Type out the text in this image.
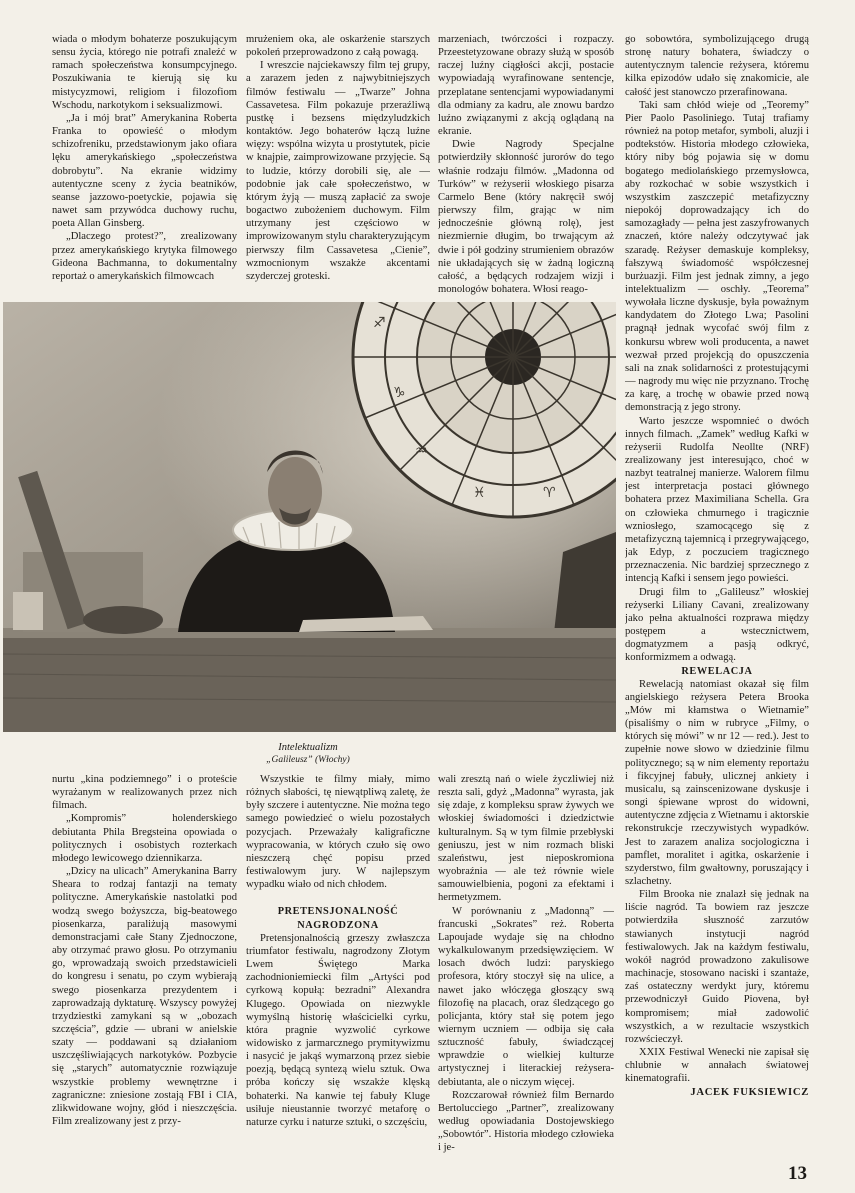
wiada o młodym bohaterze poszukującym sensu życia, którego nie potrafi znaleźć w ramach społeczeństwa konsumpcyjnego. Poszukiwania te kierują się ku mistycyzmowi, religiom i filozofiom Wschodu, narkotykom i seksualizmowi.

„Ja i mój brat” Amerykanina Roberta Franka to opowieść o młodym schizofreniku, przedstawionym jako ofiara lęku amerykańskiego „społeczeństwa dobrobytu”. Na ekranie widzimy autentyczne sceny z życia beatników, seanse jazzowo-poetyckie, pojawia się nawet sam przywódca duchowy ruchu, poeta Allan Ginsberg.

„Dlaczego protest?”, zrealizowany przez amerykańskiego krytyka filmowego Gideona Bachmanna, to dokumentalny reportaż o amerykańskich filmowcach

mrużeniem oka, ale oskarżenie starszych pokoleń przeprowadzono z całą powagą.

I wreszcie najciekawszy film tej grupy, a zarazem jeden z najwybitniejszych filmów festiwalu — „Twarze” Johna Cassavetesa. Film pokazuje przeraźliwą pustkę i bezsens międzyludzkich kontaktów. Jego bohaterów łączą luźne więzy: wspólna wizyta u prostytutek, picie w knajpie, zaimprowizowane przyjęcie. Są to ludzie, którzy dorobili się, ale — podobnie jak całe społeczeństwo, w którym żyją — muszą zapłacić za swoje bogactwo zubożeniem duchowym. Film utrzymany jest częściowo w improwizowanym stylu charakteryzującym pierwszy film Cassavetesa „Cienie”, wzmocnionym wszakże akcentami szyderczej groteski.

marzeniach, twórczości i rozpaczy. Przeestetyzowane obrazy służą w sposób raczej luźny ciągłości akcji, postacie wypowiadają wyrafinowane sentencje, przeplatane sentencjami wypowiadanymi dla odmiany za kadru, ale znowu bardzo luźno związanymi z akcją oglądaną na ekranie.

Dwie Nagrody Specjalne potwierdziły skłonność jurorów do tego właśnie rodzaju filmów. „Madonna od Turków” w reżyserii włoskiego pisarza Carmelo Bene (który nakręcił swój pierwszy film, grając w nim jednocześnie główną rolę), jest niezmiernie długim, bo trwającym aż dwie i pół godziny strumieniem obrazów nie układających się w żadną logiczną całość, a będących rodzajem wizji i monologów bohatera. Włosi reago-

go sobowtóra, symbolizującego drugą stronę natury bohatera, świadczy o autentycznym talencie reżysera, któremu kilka epizodów udało się znakomicie, ale całość jest stanowczo przerafinowana.

Taki sam chłód wieje od „Teoremy” Pier Paolo Pasoliniego. Tutaj trafiamy również na potop metafor, symboli, aluzji i podtekstów. Historia młodego człowieka, który niby bóg pojawia się w domu bogatego mediolańskiego przemysłowca, aby rozkochać w sobie wszystkich i wszystkim zaszczepić metafizyczny niepokój doprowadzający ich do samozagłady — pełna jest zaszyfrowanych znaczeń, które należy odczytywać jak szaradę. Reżyser demaskuje kompleksy, fałszywą świadomość współczesnej burżuazji. Film jest jednak zimny, a jego intelektualizm — oschły. „Teorema” wywołała liczne dyskusje, była poważnym kandydatem do Złotego Lwa; Pasolini pragnął jednak wycofać swój film z konkursu wbrew woli producenta, a nawet wezwał przed projekcją do opuszczenia sali na znak solidarności z protestującymi — nagrody mu więc nie przyznano. Trochę za karę, a trochę w obawie przed nową demonstracją z jego strony.

Warto jeszcze wspomnieć o dwóch innych filmach. „Zamek” według Kafki w reżyserii Rudolfa Neollte (NRF) zrealizowany jest interesująco, choć w nazbyt teatralnej manierze. Walorem filmu jest interpretacja postaci głównego bohatera przez Maximiliana Schella. Gra on człowieka chmurnego i tragicznie wzniosłego, szamocącego się z metafizyczną tajemnicą i przegrywającego, jak Edyp, z poczuciem tragicznego przeznaczenia. Nic bardziej sprzecznego z intencją Kafki i sensem jego powieści.

Drugi film to „Galileusz” włoskiej reżyserki Liliany Cavani, zrealizowany jako pełna aktualności rozprawa między postępem a wstecznictwem, dogmatyzmem a pasją odkryć, konformizmem a odwagą.

REWELACJA

Rewelacją natomiast okazał się film angielskiego reżysera Petera Brooka „Mów mi kłamstwa o Wietnamie” (pisaliśmy o nim w rubryce „Filmy, o których się mówi” w nr 12 — red.). Jest to zupełnie nowe słowo w dziedzinie filmu politycznego; są w nim elementy reportażu i fikcyjnej fabuły, ulicznej ankiety i musicalu, są zainscenizowane dyskusje i songi śpiewane wprost do widowni, autentyczne zdjęcia z Wietnamu i aktorskie rekonstrukcje rzeczywistych wypadków. Jest to zarazem analiza socjologiczna i pamflet, moralitet i agitka, oskarżenie i szyderstwo, film gwałtowny, poruszający i szlachetny.

Film Brooka nie znalazł się jednak na liście nagród. Ta bowiem raz jeszcze potwierdziła słuszność zarzutów stawianych instytucji nagród festiwalowych. Jak na każdym festiwalu, wokół nagród prowadzono zakulisowe machinacje, stosowano naciski i szantaże, zaś ostateczny werdykt jury, któremu przewodniczył Guido Piovena, był kompromisem; miał zadowolić wszystkich, a w rezultacie wszystkich rozwścieczył.

XXIX Festiwal Wenecki nie zapisał się chlubnie w annałach światowej kinematografii.

JACEK FUKSIEWICZ

♑
♒
♓	♈
♐
Intelektualizm
„Galileusz” (Włochy)

nurtu „kina podziemnego” i o proteście wyrażanym w realizowanych przez nich filmach.

„Kompromis” holenderskiego debiutanta Phila Bregsteina opowiada o politycznych i osobistych rozterkach młodego lewicowego dziennikarza.

„Dzicy na ulicach” Amerykanina Barry Sheara to rodzaj fantazji na tematy polityczne. Amerykańskie nastolatki pod wodzą swego bożyszcza, big-beatowego piosenkarza, paraliżują masowymi demonstracjami całe Stany Zjednoczone, aby otrzymać prawo głosu. Po otrzymaniu go, wprowadzają swoich przedstawicieli do kongresu i senatu, po czym wybierają swego piosenkarza prezydentem i zaprowadzają dyktaturę. Wszyscy powyżej trzydziestki zamykani są w „obozach szczęścia”, gdzie — ubrani w anielskie szaty — poddawani są działaniom uszczęśliwiających narkotyków. Pozbycie się „starych” automatycznie rozwiązuje wszystkie problemy wewnętrzne i zagraniczne: zniesione zostają FBI i CIA, zlikwidowane wojny, głód i nieszczęścia. Film zrealizowany jest z przy-

Wszystkie te filmy miały, mimo różnych słabości, tę niewątpliwą zaletę, że były szczere i autentyczne. Nie można tego samego powiedzieć o wielu pozostałych pozycjach. Przeważały kaligraficzne wypracowania, w których czuło się owo nieszczerą chęć popisu przed festiwalowym jury. W najlepszym wypadku wiało od nich chłodem.

PRETENSJONALNOŚĆ NAGRODZONA

Pretensjonalnością grzeszy zwłaszcza triumfator festiwalu, nagrodzony Złotym Lwem Świętego Marka zachodnioniemiecki film „Artyści pod cyrkową kopułą: bezradni” Alexandra Klugego. Opowiada on niezwykle wymyślną historię właścicielki cyrku, która pragnie wyzwolić cyrkowe widowisko z jarmarcznego prymitywizmu i nasycić je jakąś wymarzoną przez siebie poezją, będącą syntezą wielu sztuk. Owa próba kończy się wszakże klęską bohaterki. Na kanwie tej fabuły Kluge usiłuje nieustannie tworzyć metaforę o naturze cyrku i naturze sztuki, o szczęściu,

wali zresztą nań o wiele życzliwiej niż reszta sali, gdyż „Madonna” wyrasta, jak się zdaje, z kompleksu spraw żywych we włoskiej świadomości i dziedzictwie kulturalnym. Są w tym filmie przebłyski geniuszu, jest w nim rozmach bliski szaleństwu, jest nieposkromiona wyobraźnia — ale też równie wiele samouwielbienia, pogoni za efektami i hermetyzmem.

W porównaniu z „Madonną” — francuski „Sokrates” reż. Roberta Lapoujade wydaje się na chłodno wykalkulowanym przedsięwzięciem. W losach dwóch ludzi: paryskiego profesora, który stoczył się na ulice, a nawet jako włóczęga głoszący swą filozofię na placach, oraz śledzącego go policjanta, który stał się potem jego wiernym uczniem — odbija się cała sztuczność fabuły, świadczącej wprawdzie o wielkiej kulturze artystycznej i literackiej reżysera-debiutanta, ale o niczym więcej.

Rozczarował również film Bernardo Bertolucciego „Partner”, zrealizowany według opowiadania Dostojewskiego „Sobowtór”. Historia młodego człowieka i je-

13
